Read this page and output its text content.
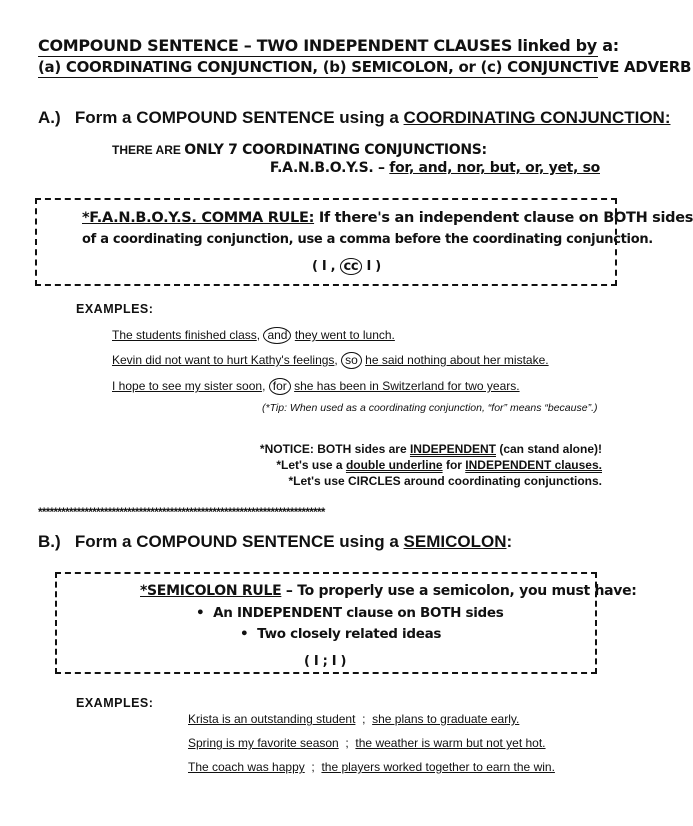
COMPOUND SENTENCE – TWO INDEPENDENT CLAUSES linked by a:
(a) COORDINATING CONJUNCTION, (b) SEMICOLON, or (c) CONJUNCTIVE ADVERB
A.)   Form a COMPOUND SENTENCE using a COORDINATING CONJUNCTION:
THERE ARE ONLY 7 COORDINATING CONJUNCTIONS:
F.A.N.B.O.Y.S. – for, and, nor, but, or, yet, so
*F.A.N.B.O.Y.S. COMMA RULE: If there's an independent clause on BOTH sides
of a coordinating conjunction, use a comma before the coordinating conjunction.
( I , cc I )
EXAMPLES:
The students finished class, and they went to lunch.
Kevin did not want to hurt Kathy's feelings, so he said nothing about her mistake.
I hope to see my sister soon, for she has been in Switzerland for two years.
(*Tip: When used as a coordinating conjunction, “for” means “because”.)
*NOTICE: BOTH sides are INDEPENDENT (can stand alone)!
*Let's use a double underline for INDEPENDENT clauses.
*Let's use CIRCLES around coordinating conjunctions.
**************************************************************************
B.)   Form a COMPOUND SENTENCE using a SEMICOLON:
*SEMICOLON RULE – To properly use a semicolon, you must have:
•  An INDEPENDENT clause on BOTH sides
•  Two closely related ideas
( I ; I )
EXAMPLES:
Krista is an outstanding student ; she plans to graduate early.
Spring is my favorite season ; the weather is warm but not yet hot.
The coach was happy ; the players worked together to earn the win.
